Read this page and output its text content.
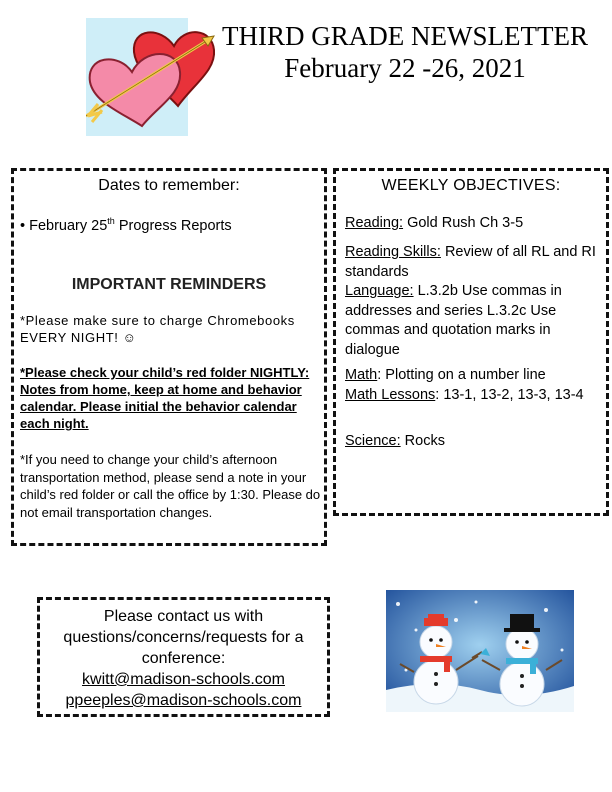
THIRD GRADE NEWSLETTER
February 22 -26, 2021
Dates to remember:
• February 25th Progress Reports
IMPORTANT REMINDERS
*Please make sure to charge Chromebooks EVERY NIGHT! ☺
*Please check your child’s red folder NIGHTLY: Notes from home, keep at home and behavior calendar. Please initial the behavior calendar each night.
*If you need to change your child’s afternoon transportation method, please send a note in your child’s red folder or call the office by 1:30. Please do not email transportation changes.
WEEKLY OBJECTIVES:
Reading: Gold Rush Ch 3-5
Reading Skills: Review of all RL and RI standards
Language: L.3.2b Use commas in addresses and series L.3.2c Use commas and quotation marks in dialogue
Math: Plotting on a number line
Math Lessons: 13-1, 13-2, 13-3, 13-4
Science: Rocks
Please contact us with questions/concerns/requests for a conference:
kwitt@madison-schools.com
ppeeples@madison-schools.com
